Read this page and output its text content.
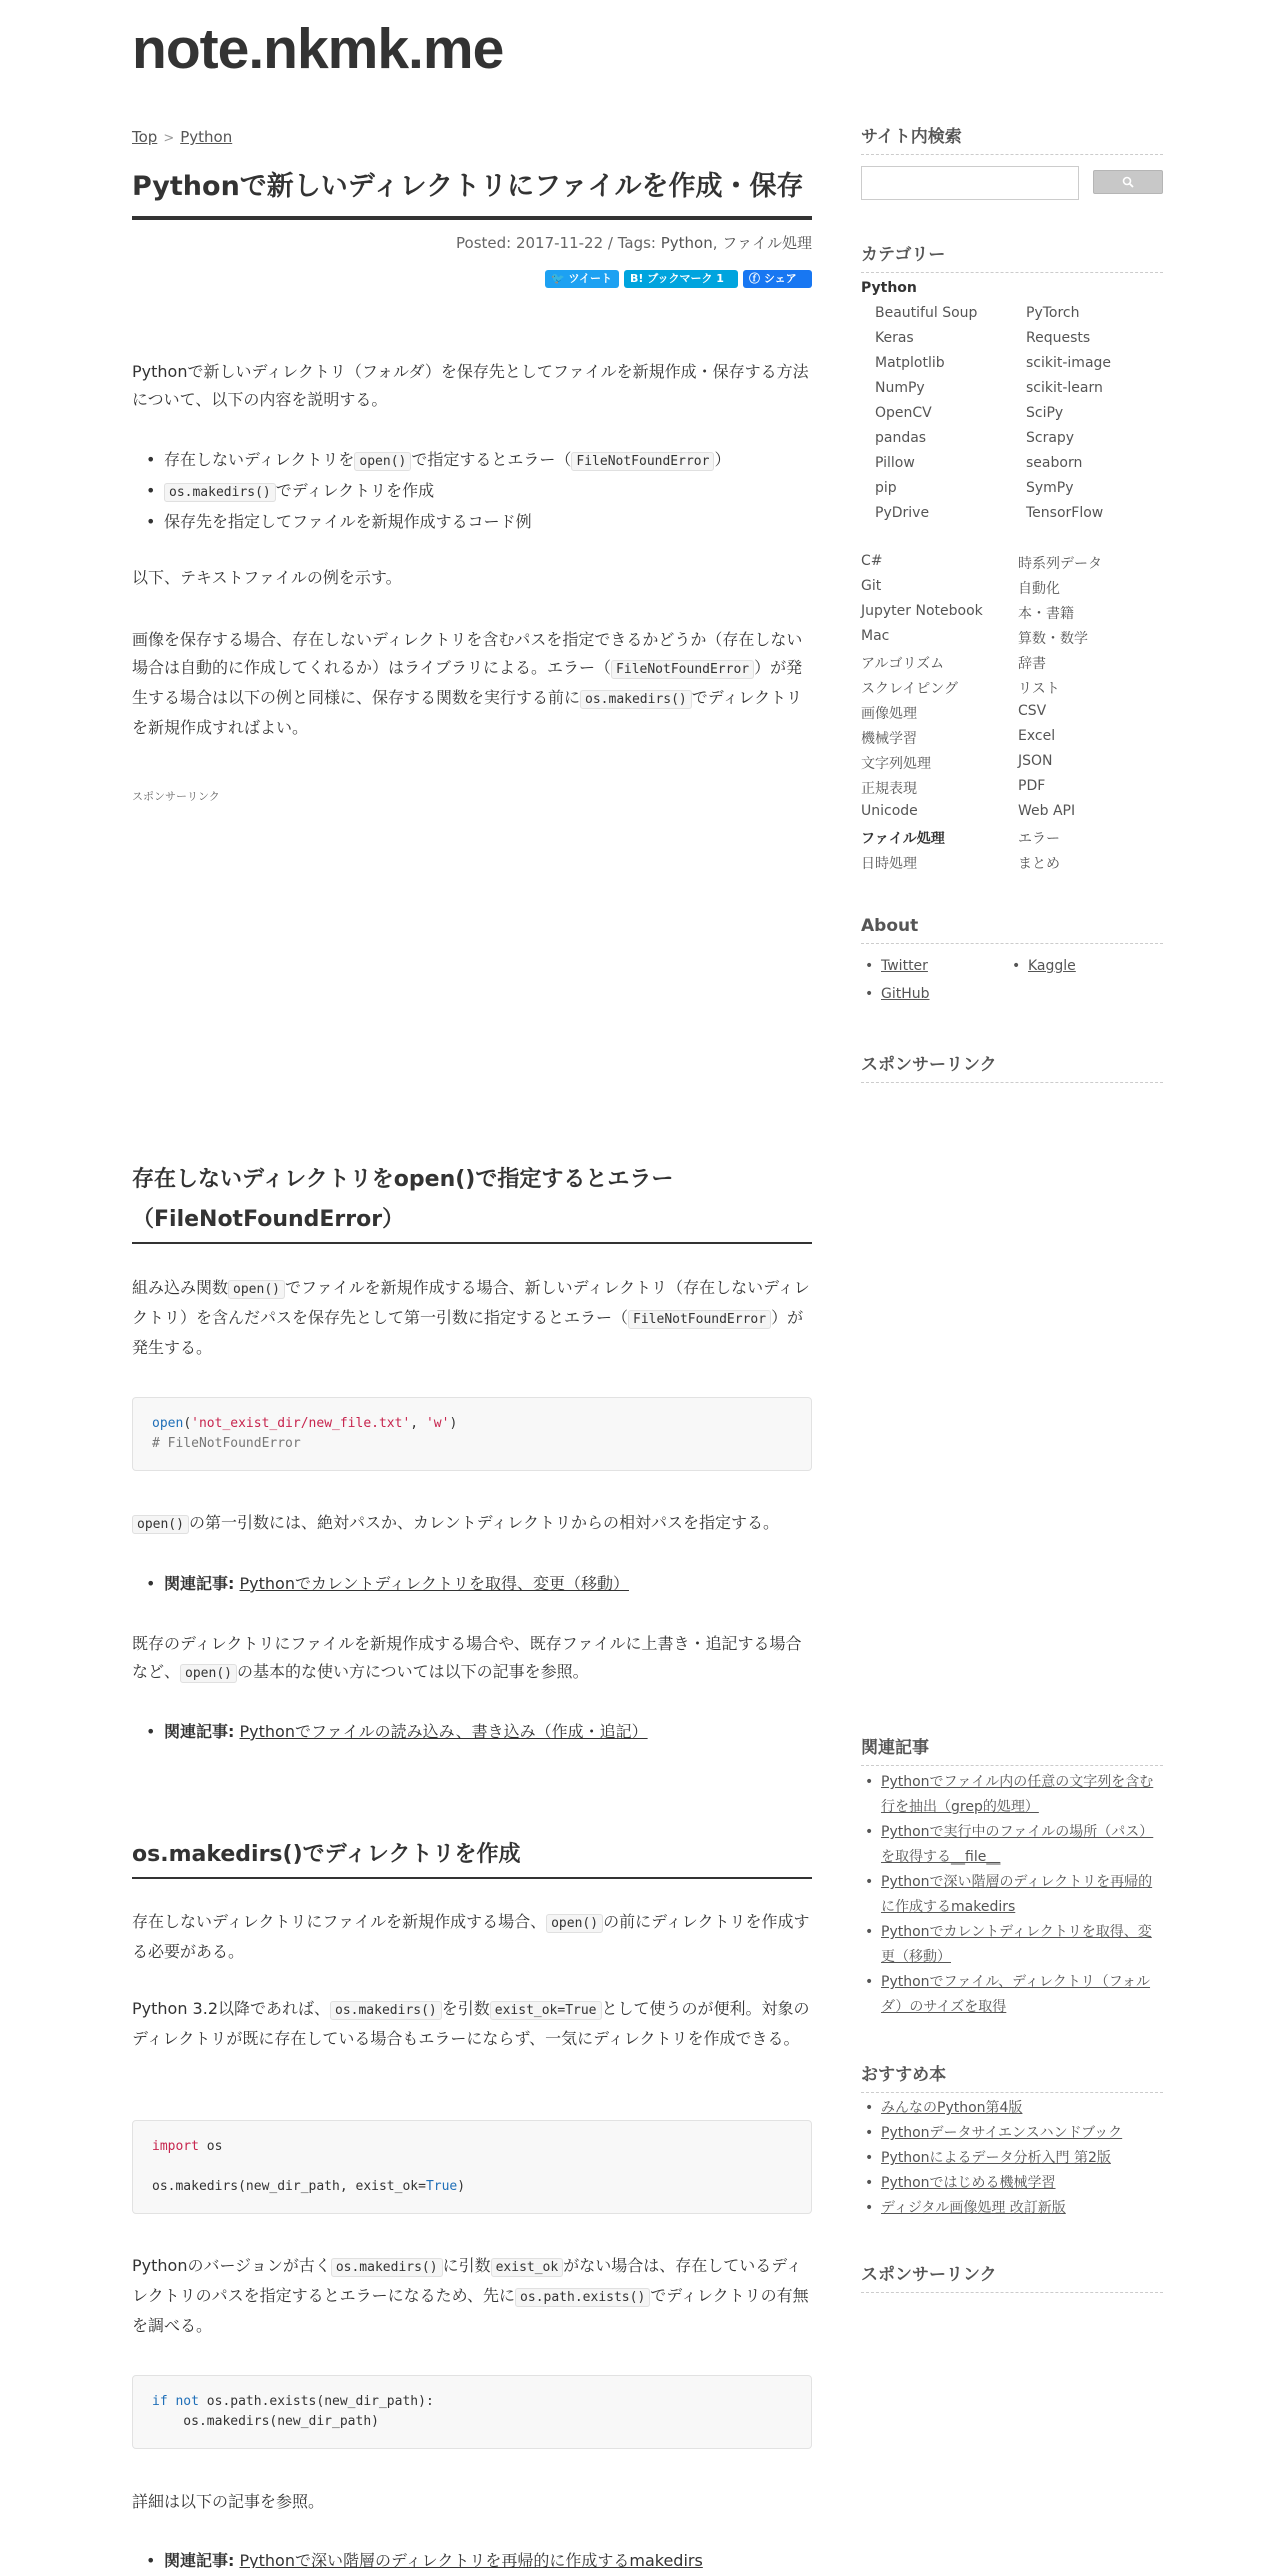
note.nkmk.me
Top > Python
Pythonで新しいディレクトリにファイルを作成・保存
Posted: 2017-11-22 / Tags: Python, ファイル処理
🐦 ツイート	B! ブックマーク 1	ⓕ シェア

Pythonで新しいディレクトリ（フォルダ）を保存先としてファイルを新規作成・保存する方法について、以下の内容を説明する。

• 存在しないディレクトリを open() で指定するとエラー（ FileNotFoundError ）
• os.makedirs() でディレクトリを作成
• 保存先を指定してファイルを新規作成するコード例

以下、テキストファイルの例を示す。

画像を保存する場合、存在しないディレクトリを含むパスを指定できるかどうか（存在しない場合は自動的に作成してくれるか）はライブラリによる。エラー（ FileNotFoundError ）が発生する場合は以下の例と同様に、保存する関数を実行する前に os.makedirs() でディレクトリを新規作成すればよい。

スポンサーリンク
存在しないディレクトリをopen()で指定するとエラー（FileNotFoundError）

組み込み関数 open() でファイルを新規作成する場合、新しいディレクトリ（存在しないディレクトリ）を含んだパスを保存先として第一引数に指定するとエラー（ FileNotFoundError ）が発生する。

open('not_exist_dir/new_file.txt', 'w')
# FileNotFoundError

open() の第一引数には、絶対パスか、カレントディレクトリからの相対パスを指定する。

• 関連記事: Pythonでカレントディレクトリを取得、変更（移動）

既存のディレクトリにファイルを新規作成する場合や、既存ファイルに上書き・追記する場合など、 open() の基本的な使い方については以下の記事を参照。

• 関連記事: Pythonでファイルの読み込み、書き込み（作成・追記）
os.makedirs()でディレクトリを作成

存在しないディレクトリにファイルを新規作成する場合、 open() の前にディレクトリを作成する必要がある。

Python 3.2以降であれば、 os.makedirs() を引数 exist_ok=True として使うのが便利。対象のディレクトリが既に存在している場合もエラーにならず、一気にディレクトリを作成できる。

import os

os.makedirs(new_dir_path, exist_ok=True)

Pythonのバージョンが古く os.makedirs() に引数 exist_ok がない場合は、存在しているディレクトリのパスを指定するとエラーになるため、先に os.path.exists() でディレクトリの有無を調べる。

if not os.path.exists(new_dir_path):
os.makedirs(new_dir_path)

詳細は以下の記事を参照。

• 関連記事: Pythonで深い階層のディレクトリを再帰的に作成するmakedirs
サイト内検索
カテゴリー
Python
Beautiful Soup
Keras
Matplotlib
NumPy
OpenCV
pandas
Pillow
pip
PyDrive
PyTorch
Requests
scikit-image
scikit-learn
SciPy
Scrapy
seaborn
SymPy
TensorFlow
C#
Git
Jupyter Notebook
Mac
アルゴリズム
スクレイピング
画像処理
機械学習
文字列処理
正規表現
Unicode
ファイル処理
日時処理
時系列データ
自動化
本・書籍
算数・数学
辞書
リスト
CSV
Excel
JSON
PDF
Web API
エラー
まとめ
About
• Twitter	• Kaggle
• GitHub
スポンサーリンク
関連記事
• Pythonでファイル内の任意の文字列を含む行を抽出（grep的処理）
• Pythonで実行中のファイルの場所（パス）を取得する__file__
• Pythonで深い階層のディレクトリを再帰的に作成するmakedirs
• Pythonでカレントディレクトリを取得、変更（移動）
• Pythonでファイル、ディレクトリ（フォルダ）のサイズを取得
おすすめ本
• みんなのPython第4版
• Pythonデータサイエンスハンドブック
• Pythonによるデータ分析入門 第2版
• Pythonではじめる機械学習
• ディジタル画像処理 改訂新版
スポンサーリンク
